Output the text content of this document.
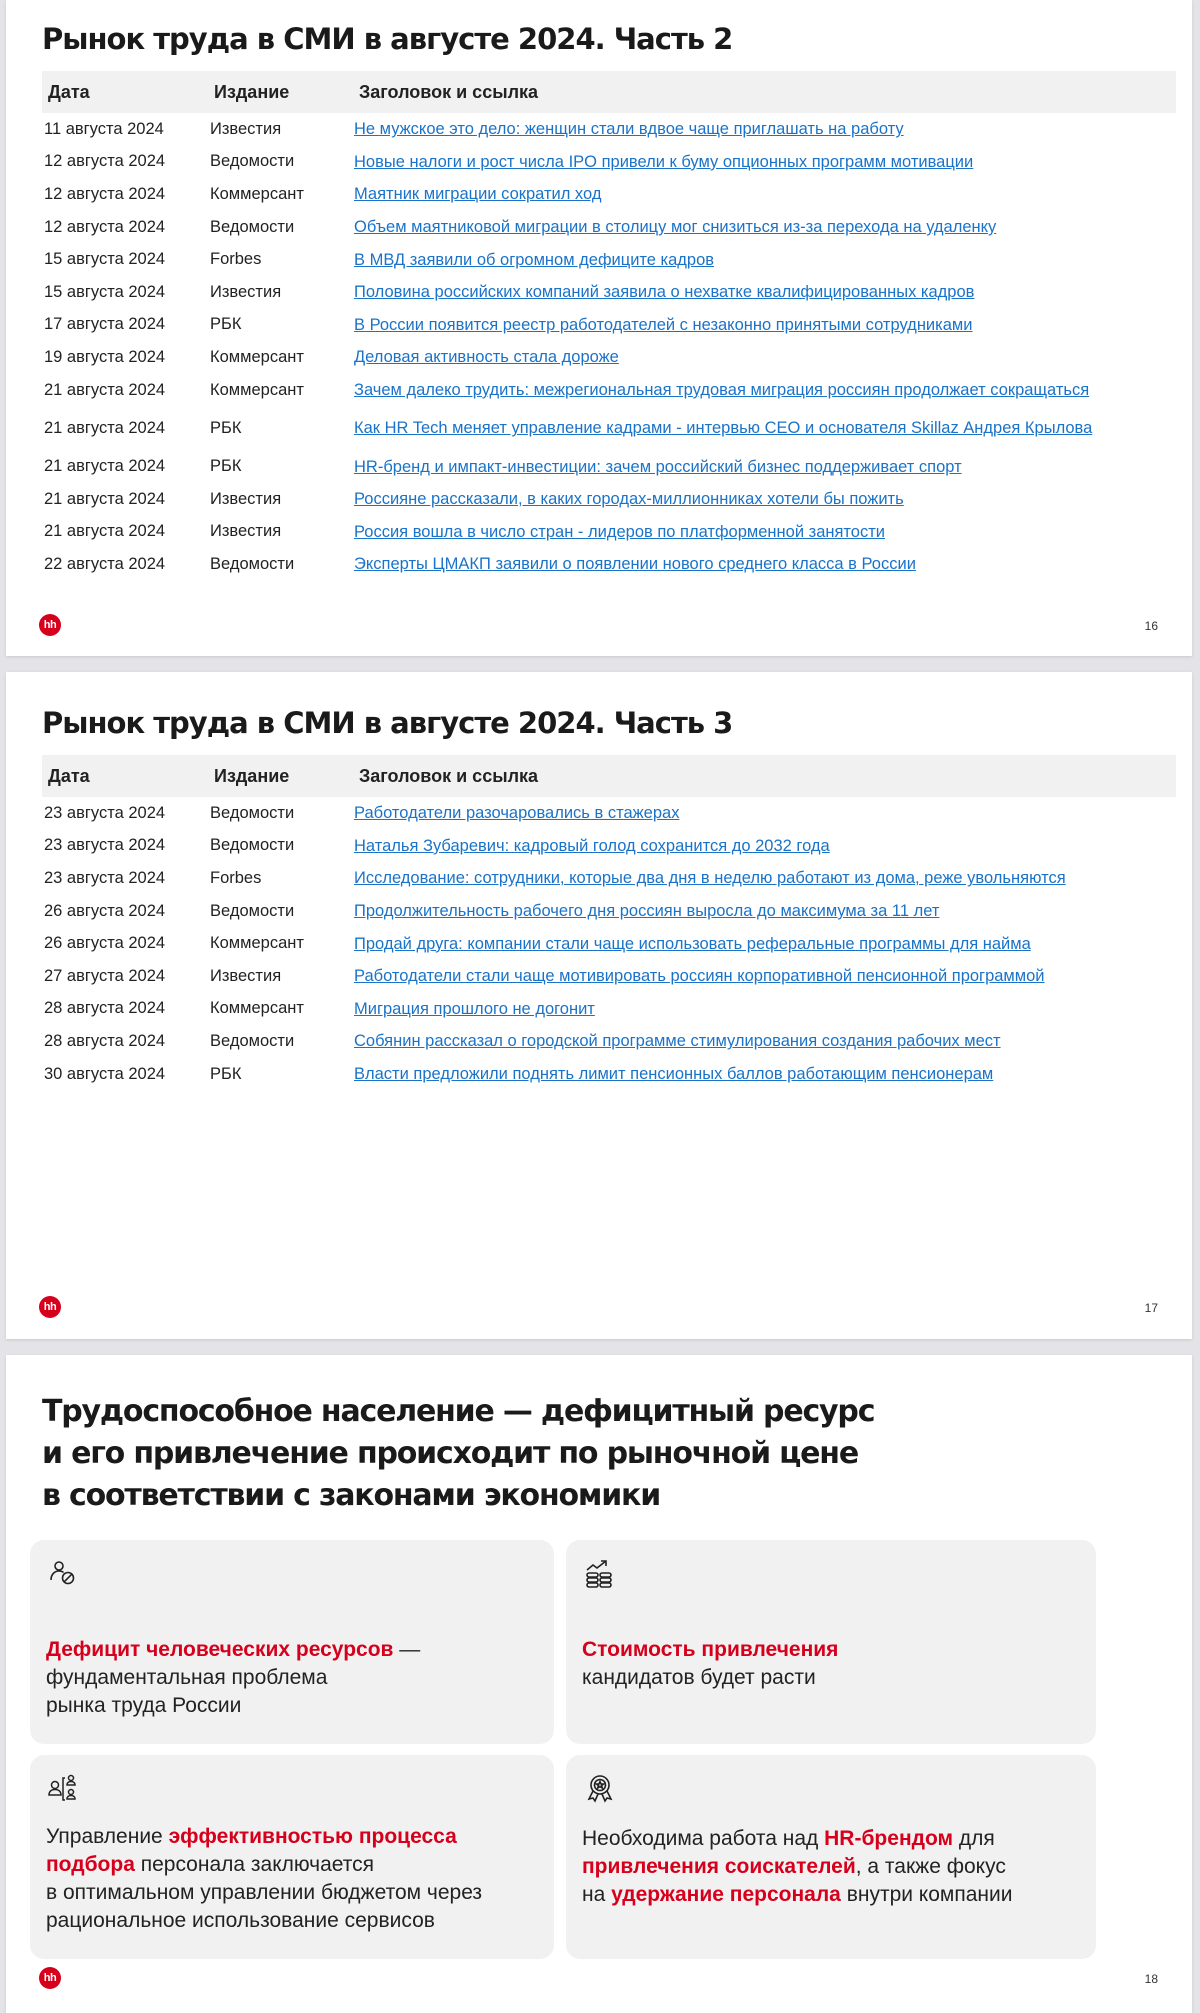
Рынок труда в СМИ в августе 2024. Часть 2
Дата	Издание	Заголовок и ссылка
11 августа 2024	Известия	Не мужское это дело: женщин стали вдвое чаще приглашать на работу
12 августа 2024	Ведомости	Новые налоги и рост числа IPO привели к буму опционных программ мотивации
12 августа 2024	Коммерсант	Маятник миграции сократил ход
12 августа 2024	Ведомости	Объем маятниковой миграции в столицу мог снизиться из-за перехода на удаленку
15 августа 2024	Forbes	В МВД заявили об огромном дефиците кадров
15 августа 2024	Известия	Половина российских компаний заявила о нехватке квалифицированных кадров
17 августа 2024	РБК	В России появится реестр работодателей с незаконно принятыми сотрудниками
19 августа 2024	Коммерсант	Деловая активность стала дороже
21 августа 2024	Коммерсант	Зачем далеко трудить: межрегиональная трудовая миграция россиян продолжает сокращаться
21 августа 2024	РБК	Как HR Tech меняет управление кадрами - интервью CEO и основателя Skillaz Андрея Крылова
21 августа 2024	РБК	HR-бренд и импакт-инвестиции: зачем российский бизнес поддерживает спорт
21 августа 2024	Известия	Россияне рассказали, в каких городах-миллионниках хотели бы пожить
21 августа 2024	Известия	Россия вошла в число стран - лидеров по платформенной занятости
22 августа 2024	Ведомости	Эксперты ЦМАКП заявили о появлении нового среднего класса в России
hh	16
Рынок труда в СМИ в августе 2024. Часть 3
Дата	Издание	Заголовок и ссылка
23 августа 2024	Ведомости	Работодатели разочаровались в стажерах
23 августа 2024	Ведомости	Наталья Зубаревич: кадровый голод сохранится до 2032 года
23 августа 2024	Forbes	Исследование: сотрудники, которые два дня в неделю работают из дома, реже увольняются
26 августа 2024	Ведомости	Продолжительность рабочего дня россиян выросла до максимума за 11 лет
26 августа 2024	Коммерсант	Продай друга: компании стали чаще использовать реферальные программы для найма
27 августа 2024	Известия	Работодатели стали чаще мотивировать россиян корпоративной пенсионной программой
28 августа 2024	Коммерсант	Миграция прошлого не догонит
28 августа 2024	Ведомости	Собянин рассказал о городской программе стимулирования создания рабочих мест
30 августа 2024	РБК	Власти предложили поднять лимит пенсионных баллов работающим пенсионерам
hh	17
Трудоспособное население — дефицитный ресурс
и его привлечение происходит по рыночной цене
в соответствии с законами экономики
Дефицит человеческих ресурсов —
фундаментальная проблема
рынка труда России
Стоимость привлечения
кандидатов будет расти
Управление эффективностью процесса
подбора персонала заключается
в оптимальном управлении бюджетом через
рациональное использование сервисов
Необходима работа над HR-брендом для
привлечения соискателей, а также фокус
на удержание персонала внутри компании
hh	18
